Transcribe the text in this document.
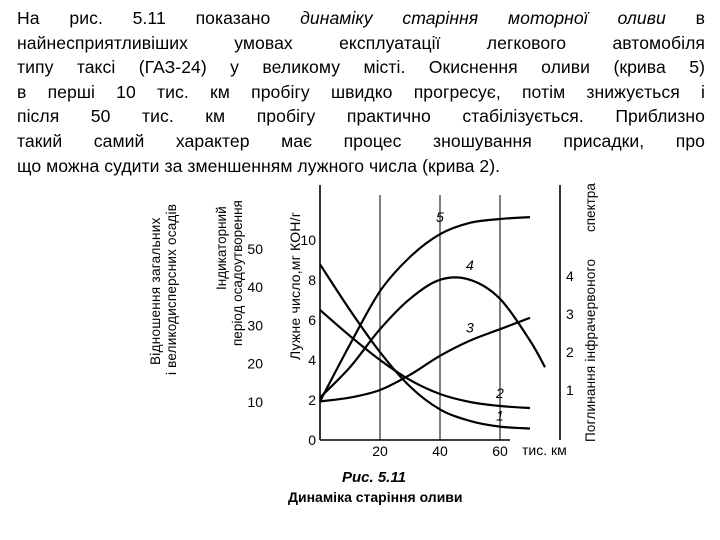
На рис. 5.11 показано динаміку старіння моторної оливи в
найнесприятливіших умовах експлуатації легкового автомобіля
типу таксі (ГАЗ-24) у великому місті. Окиснення оливи (крива 5)
в перші 10 тис. км пробігу швидко прогресує, потім знижується і
після 50 тис. км пробігу практично стабілізується. Приблизно
такий самий характер має процес зношування присадки, про
що можна судити за зменшенням лужного числа (крива 2).
Відношення загальних і великодисперсних осадів	Індикаторний період осадоутворення	Лужне число,мг КОН/г	Поглинання інфрачервоного
спектра
20	40	60
10
20
30
40
50
0
2
4
6
8
10
1
2
3
4
1
2
3
4
5
тис. км
Рис. 5.11
Динаміка старіння оливи
